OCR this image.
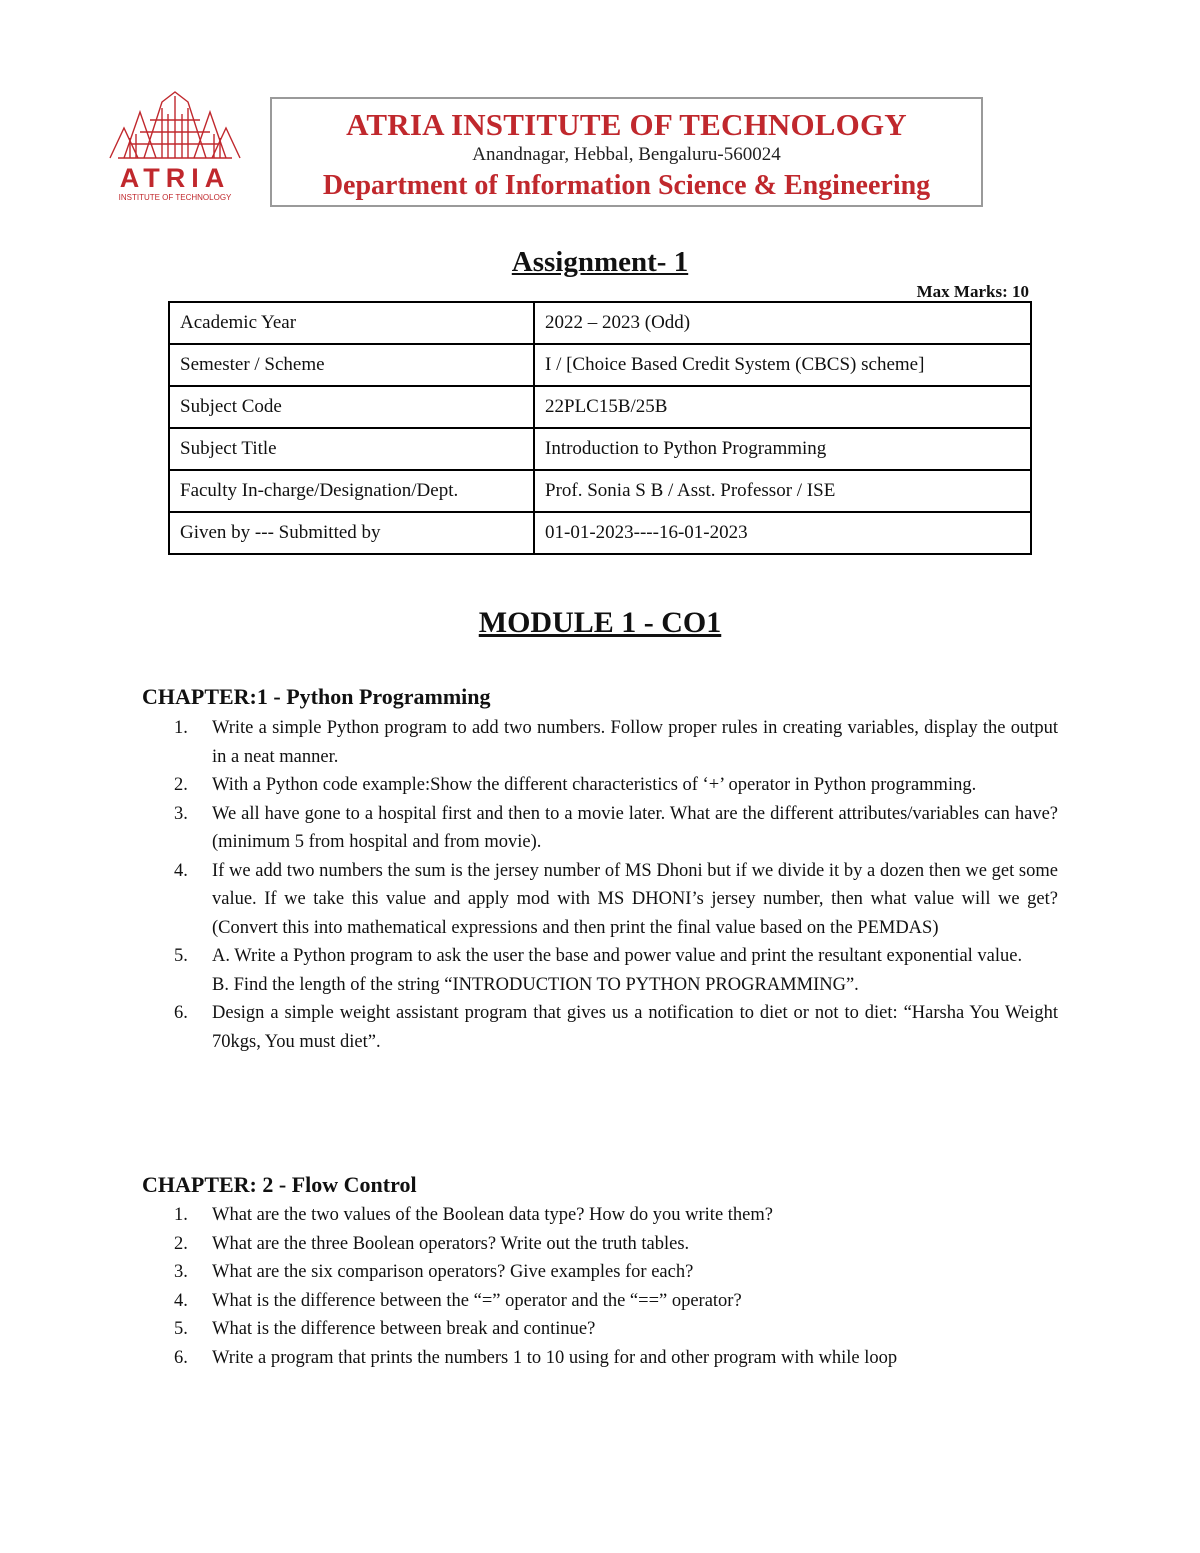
ATRIA
INSTITUTE OF TECHNOLOGY
ATRIA INSTITUTE OF TECHNOLOGY
Anandnagar, Hebbal, Bengaluru-560024
Department of Information Science & Engineering
Assignment- 1
Max Marks: 10
Academic Year	2022 – 2023 (Odd)
Semester / Scheme	I / [Choice Based Credit System (CBCS) scheme]
Subject Code	22PLC15B/25B
Subject Title	Introduction to Python Programming
Faculty In-charge/Designation/Dept.	Prof. Sonia S B / Asst. Professor / ISE
Given by --- Submitted by	01-01-2023----16-01-2023
MODULE 1 - CO1
CHAPTER:1 - Python Programming
1. Write a simple Python program to add two numbers. Follow proper rules in creating variables, display the output in a neat manner.
2. With a Python code example:Show the different characteristics of ‘+’ operator in Python programming.
3. We all have gone to a hospital first and then to a movie later. What are the different attributes/variables can have? (minimum 5 from hospital and from movie).
4. If we add two numbers the sum is the jersey number of MS Dhoni but if we divide it by a dozen then we get some value. If we take this value and apply mod with MS DHONI’s jersey number, then what value will we get? (Convert this into mathematical expressions and then print the final value based on the PEMDAS)
5. A. Write a Python program to ask the user the base and power value and print the resultant exponential value.
B. Find the length of the string “INTRODUCTION TO PYTHON PROGRAMMING”.
6. Design a simple weight assistant program that gives us a notification to diet or not to diet: “Harsha You Weight 70kgs, You must diet”.
CHAPTER: 2 - Flow Control
1. What are the two values of the Boolean data type? How do you write them?
2. What are the three Boolean operators? Write out the truth tables.
3. What are the six comparison operators? Give examples for each?
4. What is the difference between the “=” operator and the “==” operator?
5. What is the difference between break and continue?
6. Write a program that prints the numbers 1 to 10 using for and other program with while loop
